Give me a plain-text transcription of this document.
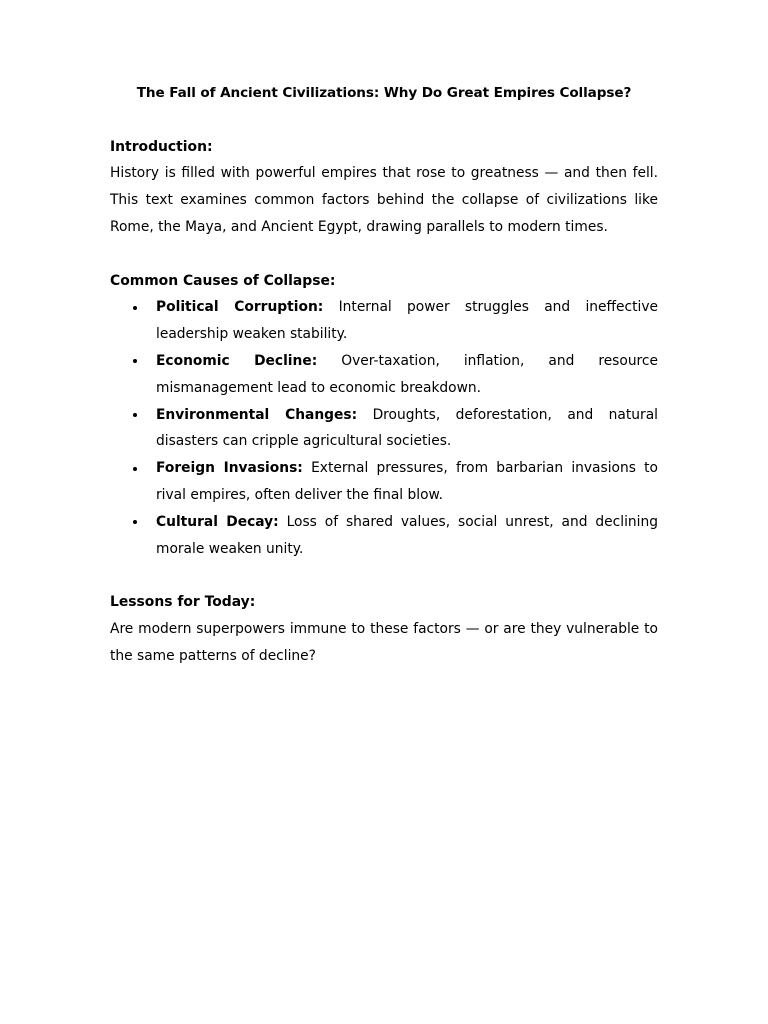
The Fall of Ancient Civilizations: Why Do Great Empires Collapse?

Introduction:

History is filled with powerful empires that rose to greatness — and then fell. This text examines common factors behind the collapse of civilizations like Rome, the Maya, and Ancient Egypt, drawing parallels to modern times.

Common Causes of Collapse:

Political Corruption: Internal power struggles and ineffective leadership weaken stability.
Economic Decline: Over-taxation, inflation, and resource mismanagement lead to economic breakdown.
Environmental Changes: Droughts, deforestation, and natural disasters can cripple agricultural societies.
Foreign Invasions: External pressures, from barbarian invasions to rival empires, often deliver the final blow.
Cultural Decay: Loss of shared values, social unrest, and declining morale weaken unity.

Lessons for Today:

Are modern superpowers immune to these factors — or are they vulnerable to the same patterns of decline?
